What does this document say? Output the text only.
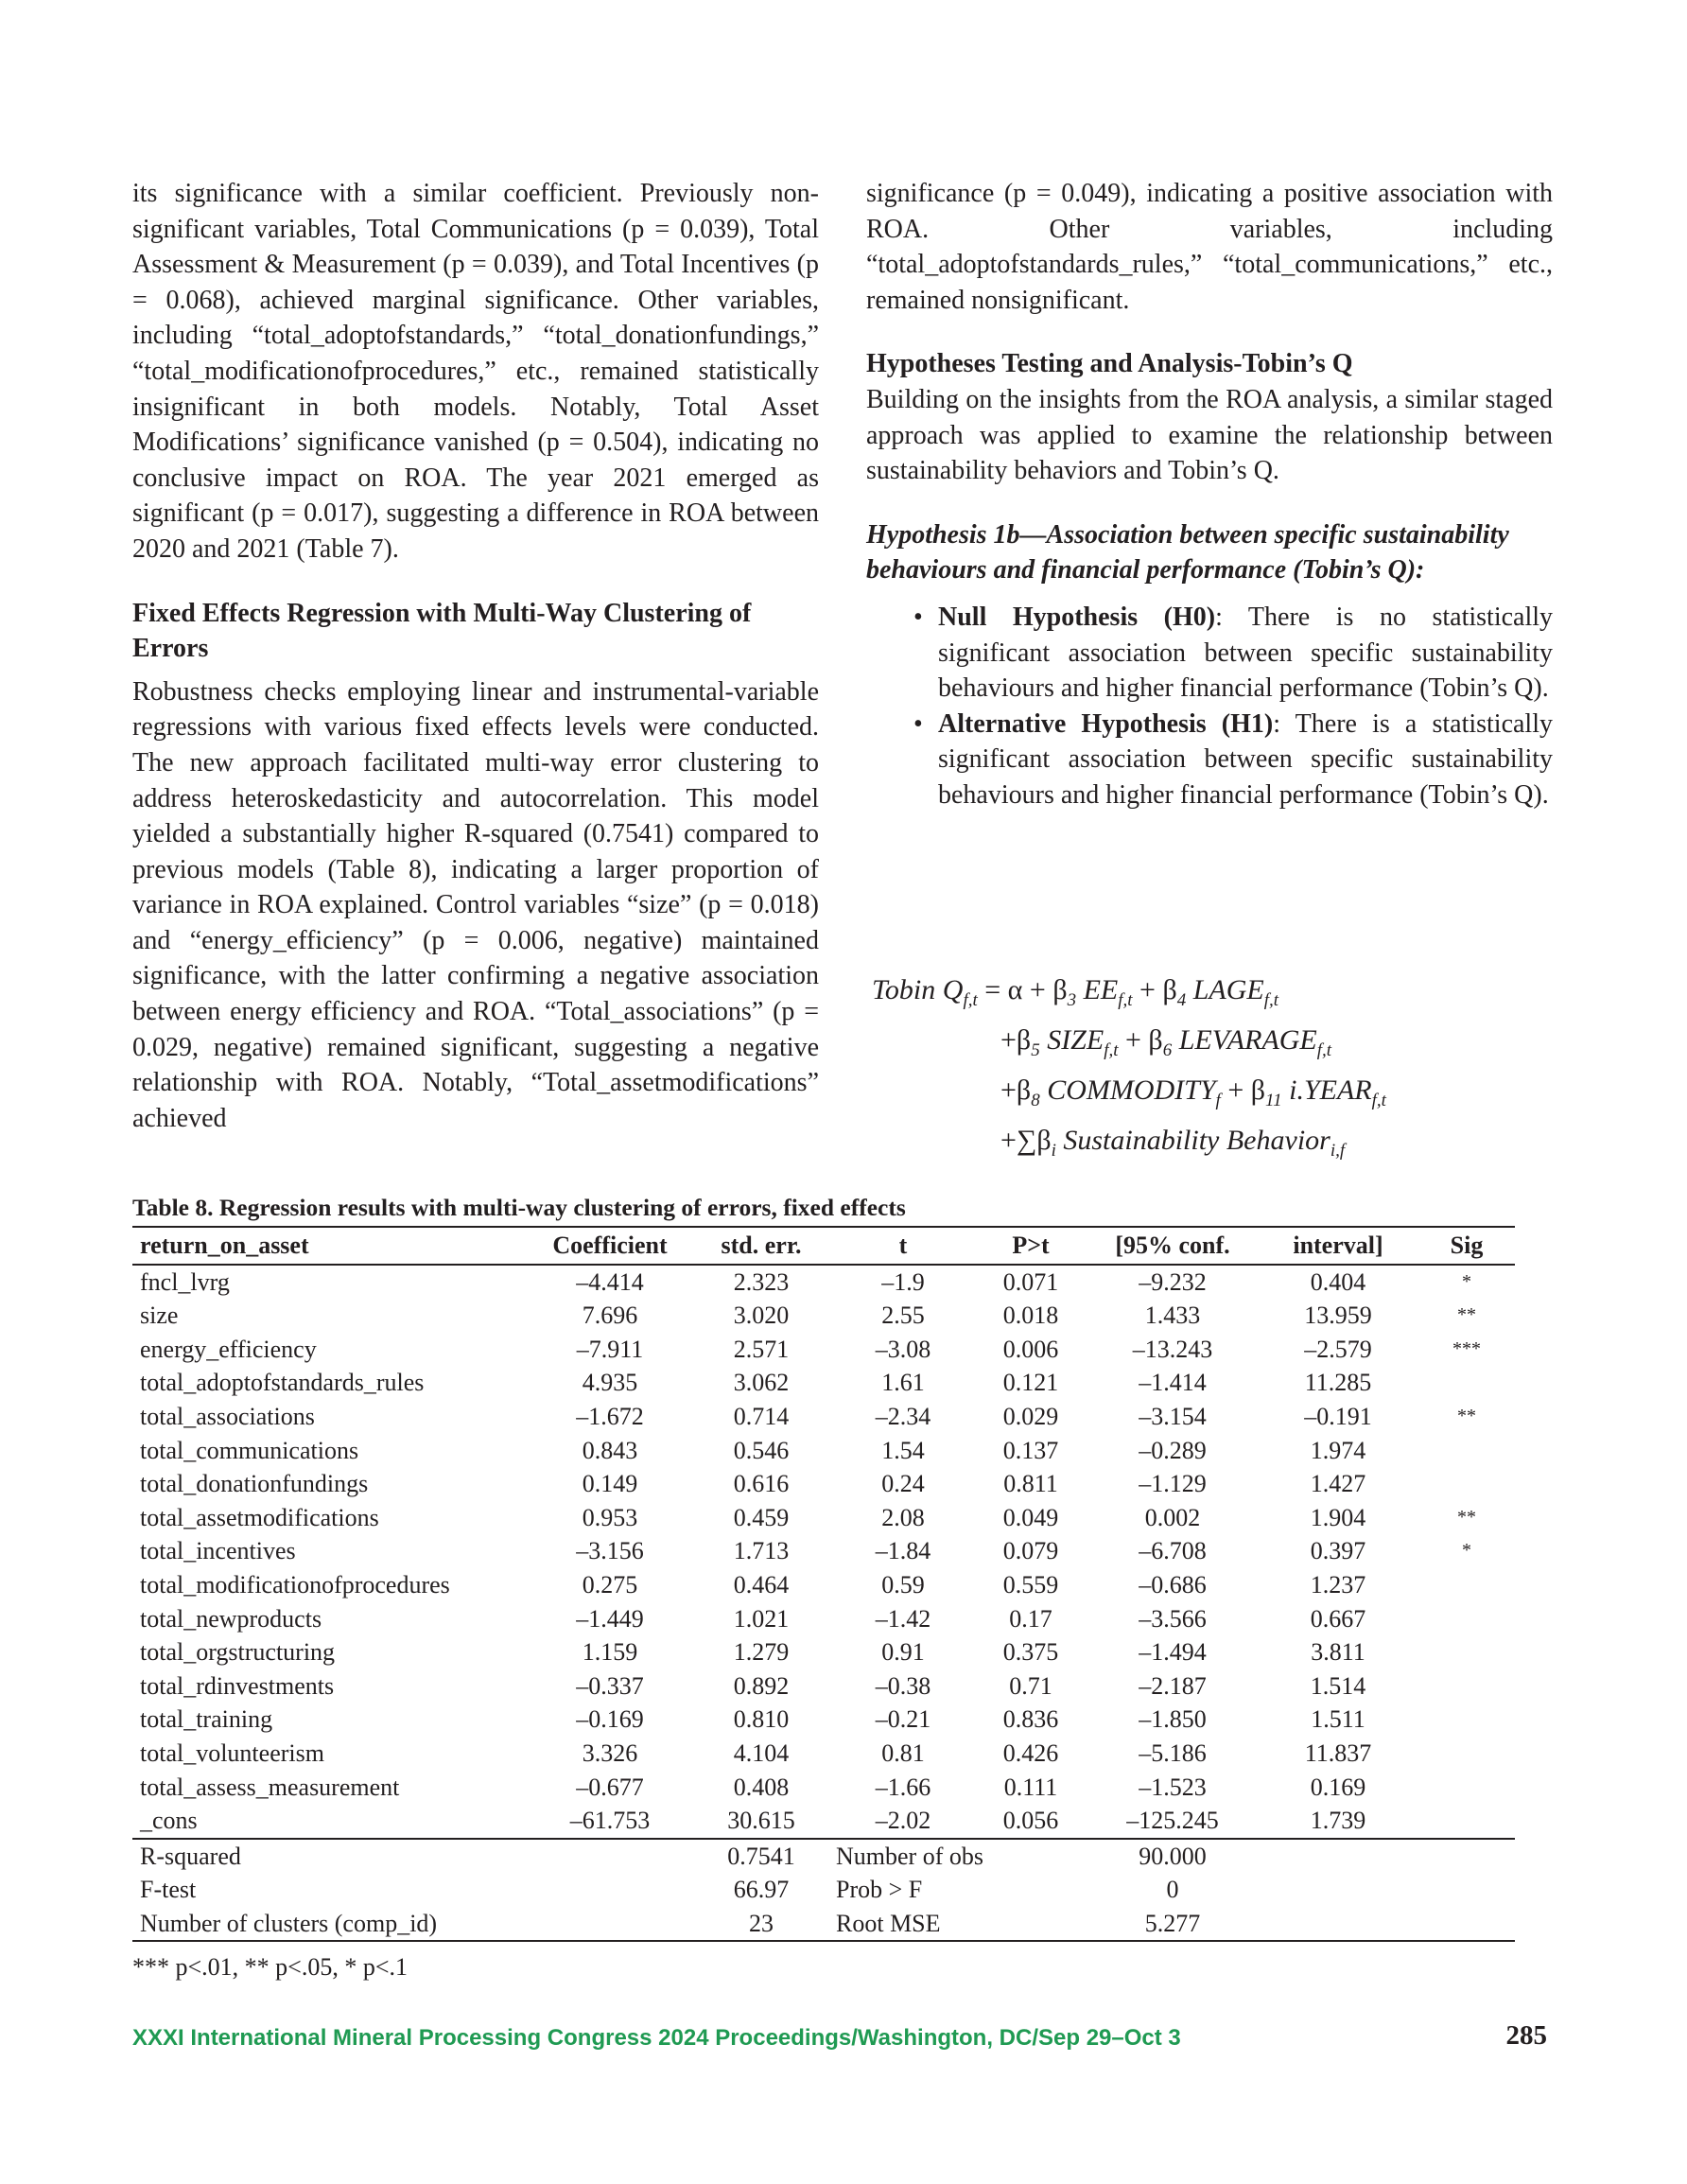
its significance with a similar coefficient. Previously non-significant variables, Total Communications (p = 0.039), Total Assessment & Measurement (p = 0.039), and Total Incentives (p = 0.068), achieved marginal significance. Other variables, including “total_adoptofstandards,” “total_donationfundings,” “total_modificationofprocedures,” etc., remained statistically insignificant in both models. Notably, Total Asset Modifications’ significance vanished (p = 0.504), indicating no conclusive impact on ROA. The year 2021 emerged as significant (p = 0.017), suggesting a difference in ROA between 2020 and 2021 (Table 7).

Fixed Effects Regression with Multi-Way Clustering of Errors

Robustness checks employing linear and instrumental-variable regressions with various fixed effects levels were conducted. The new approach facilitated multi-way error clustering to address heteroskedasticity and autocorrelation. This model yielded a substantially higher R-squared (0.7541) compared to previous models (Table 8), indicating a larger proportion of variance in ROA explained. Control variables “size” (p = 0.018) and “energy_efficiency” (p = 0.006, negative) maintained significance, with the latter confirming a negative association between energy efficiency and ROA. “Total_associations” (p = 0.029, negative) remained significant, suggesting a negative relationship with ROA. Notably, “Total_assetmodifications” achieved

significance (p = 0.049), indicating a positive association with ROA. Other variables, including “total_adoptofstandards_rules,” “total_communications,” etc., remained nonsignificant.

Hypotheses Testing and Analysis-Tobin’s Q

Building on the insights from the ROA analysis, a similar staged approach was applied to examine the relationship between sustainability behaviors and Tobin’s Q.

Hypothesis 1b—Association between specific sustainability behaviours and financial performance (Tobin’s Q):

• Null Hypothesis (H0): There is no statistically significant association between specific sustainability behaviours and higher financial performance (Tobin’s Q).
• Alternative Hypothesis (H1): There is a statistically significant association between specific sustainability behaviours and higher financial performance (Tobin’s Q).
Tobin $Q_{f,t} = \alpha + \beta_3$ $EE_{f,t} + \beta_4$ $LAGE_{f,t}$
$+\beta_5$ $SIZE_{f,t} + \beta_6$ $LEVARAGE_{f,t}$
$+\beta_8$ $COMMODITY_f + \beta_{11}$ $i.YEAR_{f,t}$
$+\sum\beta_i$ Sustainability Behavior$_{i,f}$
Table 8. Regression results with multi-way clustering of errors, fixed effects
return_on_asset	Coefficient	std. err.	t	P>t	[95% conf.	interval]	Sig
fncl_lvrg	–4.414	2.323	–1.9	0.071	–9.232	0.404	*
size	7.696	3.020	2.55	0.018	1.433	13.959	**
energy_efficiency	–7.911	2.571	–3.08	0.006	–13.243	–2.579	***
total_adoptofstandards_rules	4.935	3.062	1.61	0.121	–1.414	11.285	
total_associations	–1.672	0.714	–2.34	0.029	–3.154	–0.191	**
total_communications	0.843	0.546	1.54	0.137	–0.289	1.974	
total_donationfundings	0.149	0.616	0.24	0.811	–1.129	1.427	
total_assetmodifications	0.953	0.459	2.08	0.049	0.002	1.904	**
total_incentives	–3.156	1.713	–1.84	0.079	–6.708	0.397	*
total_modificationofprocedures	0.275	0.464	0.59	0.559	–0.686	1.237	
total_newproducts	–1.449	1.021	–1.42	0.17	–3.566	0.667	
total_orgstructuring	1.159	1.279	0.91	0.375	–1.494	3.811	
total_rdinvestments	–0.337	0.892	–0.38	0.71	–2.187	1.514	
total_training	–0.169	0.810	–0.21	0.836	–1.850	1.511	
total_volunteerism	3.326	4.104	0.81	0.426	–5.186	11.837	
total_assess_measurement	–0.677	0.408	–1.66	0.111	–1.523	0.169	
_cons	–61.753	30.615	–2.02	0.056	–125.245	1.739	
R-squared		0.7541	Number of obs		90.000		
F-test		66.97	Prob > F		0		
Number of clusters (comp_id)		23	Root MSE		5.277		
*** p<.01, ** p<.05, * p<.1
XXXI International Mineral Processing Congress 2024 Proceedings/Washington, DC/Sep 29–Oct 3	285
